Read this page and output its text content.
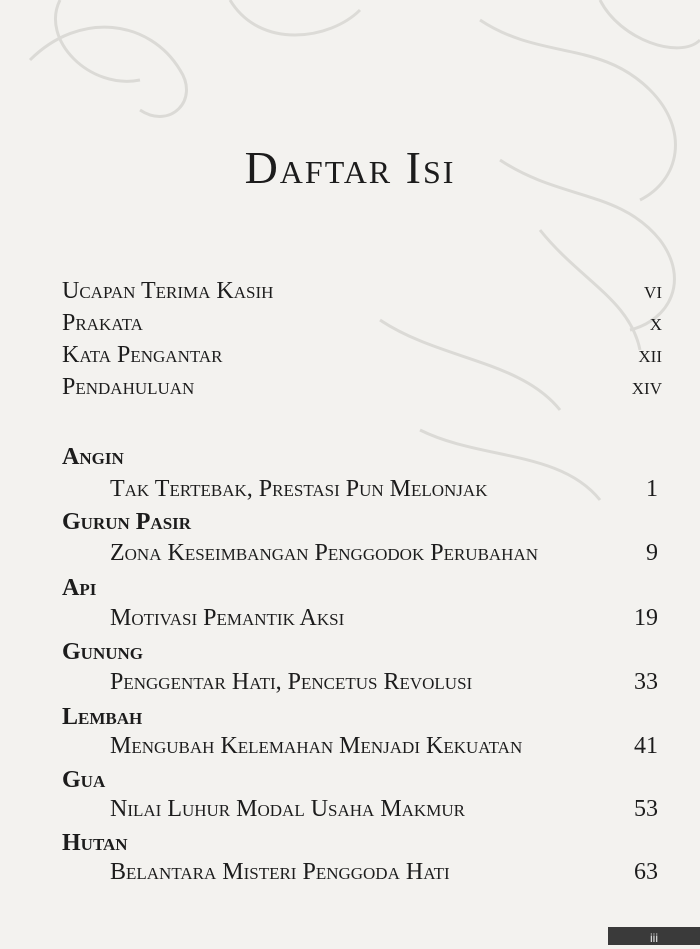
Daftar Isi
Ucapan Terima Kasih	vi
Prakata	x
Kata Pengantar	xii
Pendahuluan	xiv
Angin
Tak Tertebak, Prestasi Pun Melonjak	1
Gurun Pasir
Zona Keseimbangan Penggodok Perubahan	9
Api
Motivasi Pemantik Aksi	19
Gunung
Penggentar Hati, Pencetus Revolusi	33
Lembah
Mengubah Kelemahan Menjadi Kekuatan	41
Gua
Nilai Luhur Modal Usaha Makmur	53
Hutan
Belantara Misteri Penggoda Hati	63
iii
